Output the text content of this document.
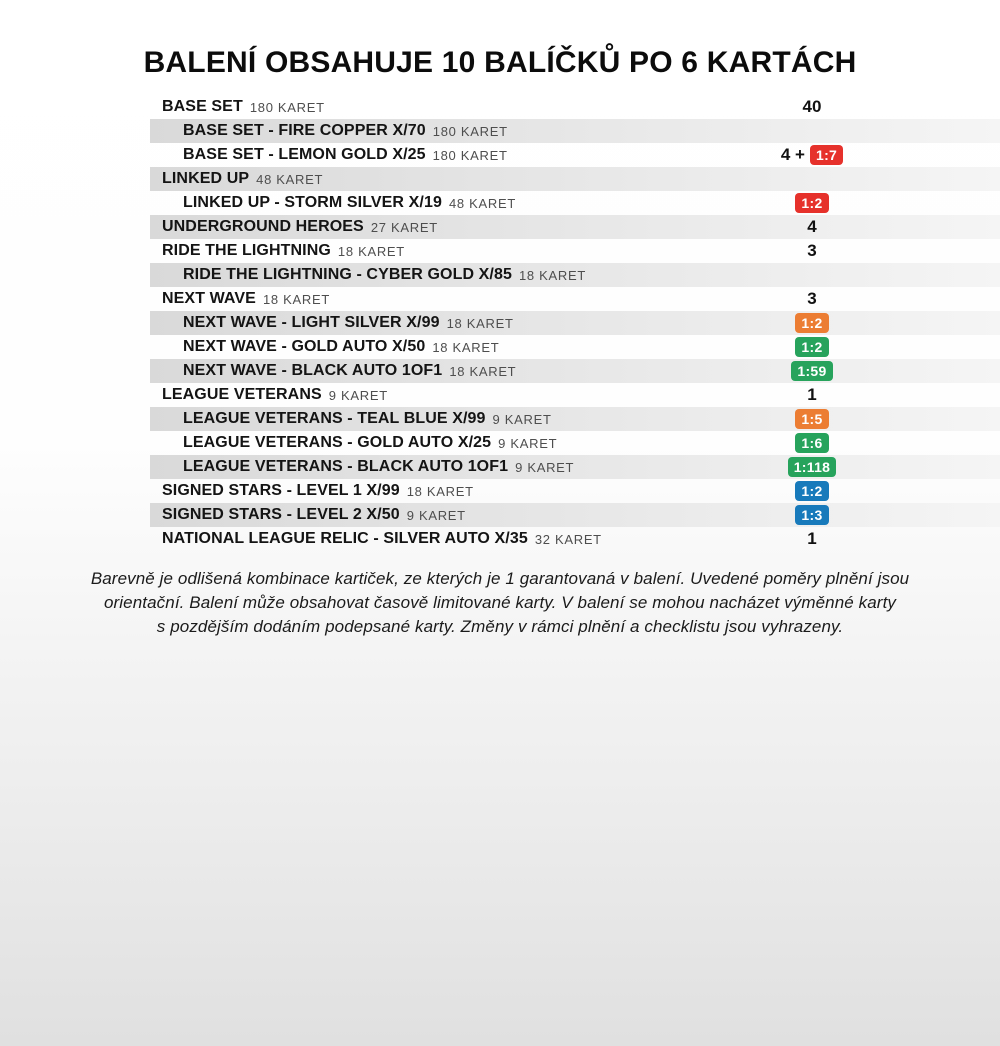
BALENÍ OBSAHUJE 10 BALÍČKŮ PO 6 KARTÁCH
BASE SET 180 KARET	40
BASE SET - FIRE COPPER X/70 180 KARET
BASE SET - LEMON GOLD X/25 180 KARET	4 + 1:7
LINKED UP 48 KARET
LINKED UP - STORM SILVER X/19 48 KARET	1:2
UNDERGROUND HEROES 27 KARET	4
RIDE THE LIGHTNING 18 KARET	3
RIDE THE LIGHTNING - CYBER GOLD X/85 18 KARET
NEXT WAVE 18 KARET	3
NEXT WAVE - LIGHT SILVER X/99 18 KARET	1:2
NEXT WAVE - GOLD AUTO X/50 18 KARET	1:2
NEXT WAVE - BLACK AUTO 1OF1 18 KARET	1:59
LEAGUE VETERANS 9 KARET	1
LEAGUE VETERANS - TEAL BLUE X/99 9 KARET	1:5
LEAGUE VETERANS - GOLD AUTO X/25 9 KARET	1:6
LEAGUE VETERANS - BLACK AUTO 1OF1 9 KARET	1:118
SIGNED STARS - LEVEL 1 X/99 18 KARET	1:2
SIGNED STARS - LEVEL 2 X/50 9 KARET	1:3
NATIONAL LEAGUE RELIC - SILVER AUTO X/35 32 KARET	1
Barevně je odlišená kombinace kartiček, ze kterých je 1 garantovaná v balení. Uvedené poměry plnění jsou
orientační. Balení může obsahovat časově limitované karty. V balení se mohou nacházet výměnné karty
s pozdějším dodáním podepsané karty. Změny v rámci plnění a checklistu jsou vyhrazeny.
